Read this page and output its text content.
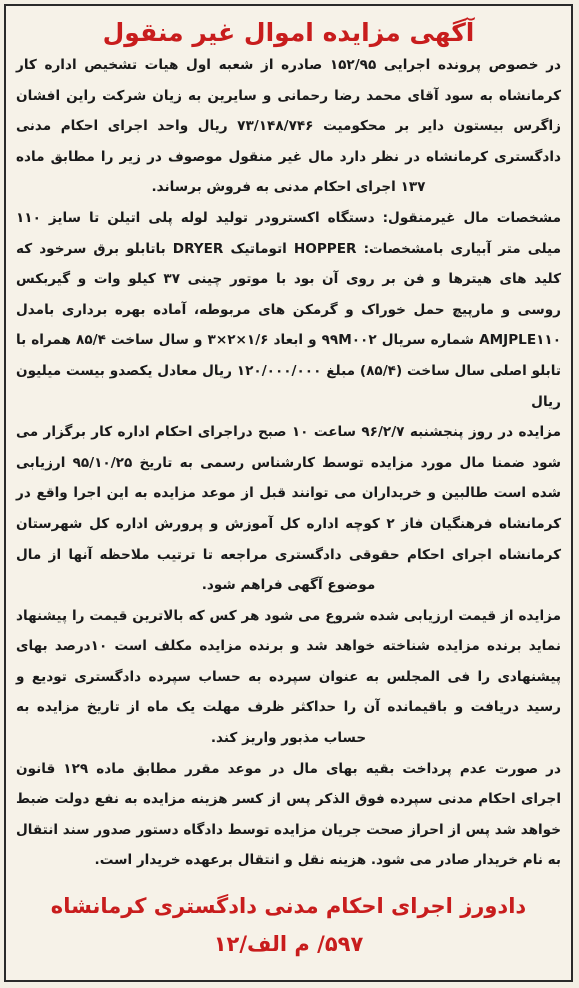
آگهی مزایده اموال غیر منقول

در خصوص پرونده اجرایی ۱۵۲/۹۵ صادره از شعبه اول هیات تشخیص اداره کار کرمانشاه به سود آقای محمد رضا رحمانی و سایرین به زیان شرکت راین افشان زاگرس بیستون دایر بر محکومیت ۷۳/۱۴۸/۷۴۶ ریال واحد اجرای احکام مدنی دادگستری کرمانشاه در نظر دارد مال غیر منقول موصوف در زیر را مطابق ماده ۱۳۷ اجرای احکام مدنی به فروش برساند.

مشخصات مال غیرمنقول: دستگاه اکسترودر تولید لوله پلی اتیلن تا سایز ۱۱۰ میلی متر آبیاری بامشخصات: HOPPER اتوماتیک DRYER باتابلو برق سرخود که کلید های هیترها و فن بر روی آن بود با موتور چینی ۳۷ کیلو وات و گیربکس روسی و مارپیچ حمل خوراک و گرمکن های مربوطه، آماده بهره برداری بامدل AMJPLE۱۱۰ شماره سریال ۹۹M۰۰۲ و ابعاد ۱/۶×۲×۳ و سال ساخت ۸۵/۴ همراه با تابلو اصلی سال ساخت (۸۵/۴) مبلغ ۱۲۰/۰۰۰/۰۰۰ ریال معادل یکصدو بیست میلیون ریال

مزایده در روز پنجشنبه ۹۶/۲/۷ ساعت ۱۰ صبح دراجرای احکام اداره کار برگزار می شود ضمنا مال مورد مزایده توسط کارشناس رسمی به تاریخ ۹۵/۱۰/۲۵ ارزیابی شده است طالبین و خریداران می توانند قبل از موعد مزایده به این اجرا واقع در کرمانشاه فرهنگیان فاز ۲ کوچه اداره کل آموزش و پرورش اداره کل شهرستان کرمانشاه اجرای احکام حقوقی دادگستری مراجعه تا ترتیب ملاحظه آنها از مال موضوع آگهی فراهم شود.

مزایده از قیمت ارزیابی شده شروع می شود هر کس که بالاترین قیمت را پیشنهاد نماید برنده مزایده شناخته خواهد شد و برنده مزایده مکلف است ۱۰درصد بهای پیشنهادی را فی المجلس به عنوان سپرده به حساب سپرده دادگستری تودیع و رسید دریافت و باقیمانده آن را حداکثر ظرف مهلت یک ماه از تاریخ مزایده به حساب مذبور واریز کند.

در صورت عدم پرداخت بقیه بهای مال در موعد مقرر مطابق ماده ۱۲۹ قانون اجرای احکام مدنی سپرده فوق الذکر پس از کسر هزینه مزایده به نفع دولت ضبط خواهد شد پس از احراز صحت جریان مزایده توسط دادگاه دستور صدور سند انتقال به نام خریدار صادر می شود. هزینه نقل و انتقال برعهده خریدار است.

دادورز اجرای احکام مدنی دادگستری کرمانشاه

۵۹۷/ م الف/۱۲
